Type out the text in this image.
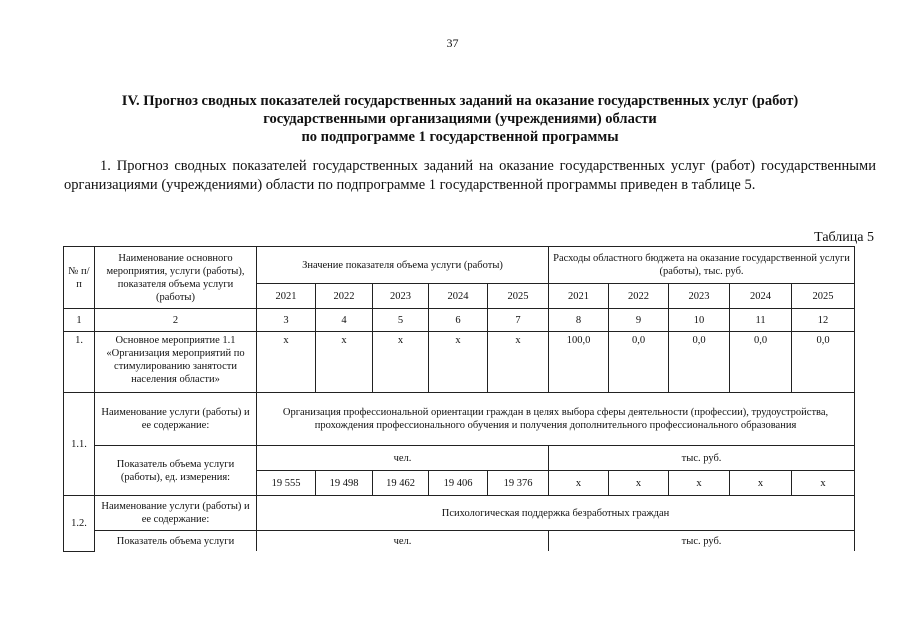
37
IV. Прогноз сводных показателей государственных заданий на оказание государственных услуг (работ)
государственными организациями (учреждениями) области
по подпрограмме 1 государственной программы
1. Прогноз сводных показателей государственных заданий на оказание государственных услуг (работ) государственными организациями (учреждениями) области по подпрограмме 1 государственной программы приведен в таблице 5.
Таблица 5
№ п/п	Наименование основного мероприятия, услуги (работы), показателя объема услуги (работы)	Значение показателя объема услуги (работы)					Расходы областного бюджета на оказание государственной услуги (работы), тыс. руб.				
		2021	2022	2023	2024	2025	2021	2022	2023	2024	2025
1	2	3	4	5	6	7	8	9	10	11	12
1.	Основное мероприятие 1.1 «Организация мероприятий по стимулированию занятости населения области»	x	x	x	x	x	100,0	0,0	0,0	0,0	0,0
1.1.	Наименование услуги (работы) и ее содержание:	Организация профессиональной ориентации граждан в целях выбора сферы деятельности (профессии), трудоустройства, прохождения профессионального обучения и получения дополнительного профессионального образования									
	Показатель объема услуги (работы), ед. измерения:	чел.					тыс. руб.				
		19 555	19 498	19 462	19 406	19 376	x	x	x	x	x
1.2.	Наименование услуги (работы) и ее содержание:	Психологическая поддержка безработных граждан									
	Показатель объема услуги	чел.					тыс. руб.				
